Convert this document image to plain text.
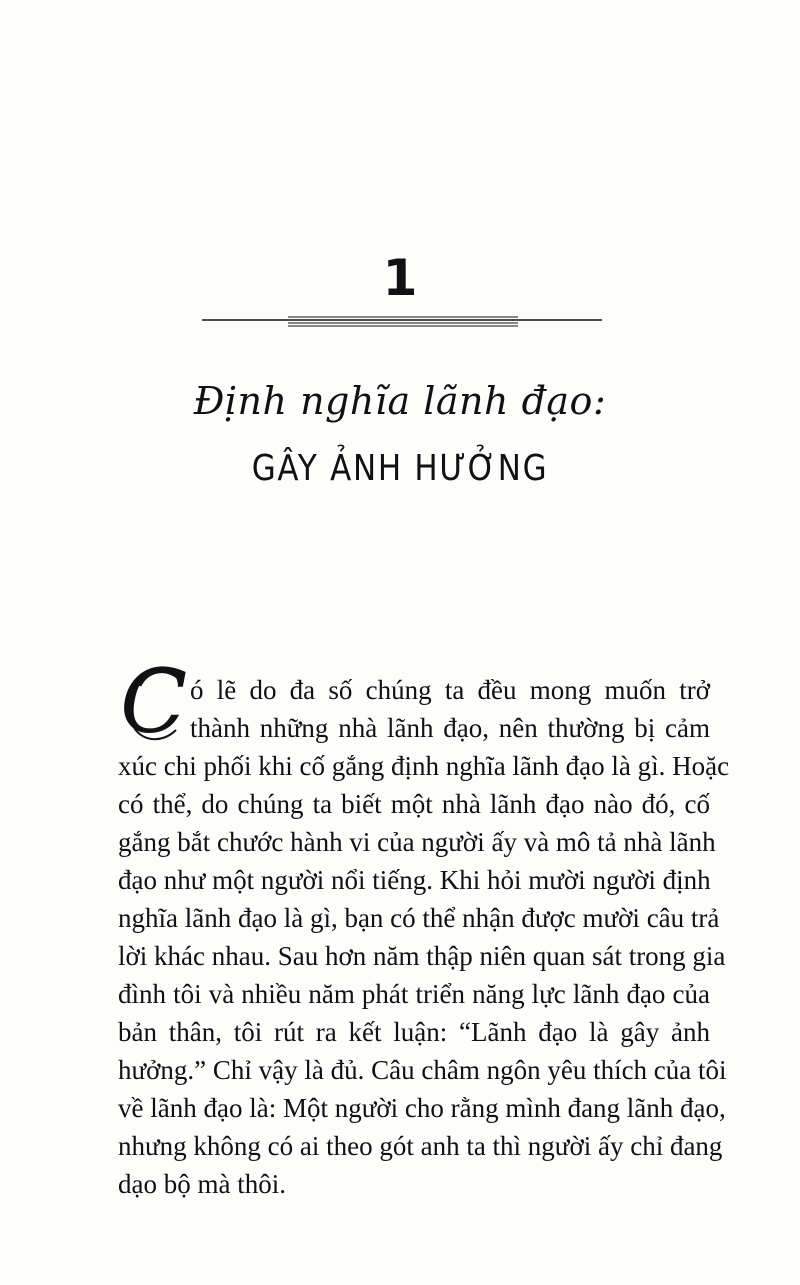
1
Định nghĩa lãnh đạo:
GÂY ẢNH HƯỞNG
C ó lẽ do đa số chúng ta đều mong muốn trở
thành những nhà lãnh đạo, nên thường bị cảm
xúc chi phối khi cố gắng định nghĩa lãnh đạo là gì. Hoặc
có thể, do chúng ta biết một nhà lãnh đạo nào đó, cố
gắng bắt chước hành vi của người ấy và mô tả nhà lãnh
đạo như một người nổi tiếng. Khi hỏi mười người định
nghĩa lãnh đạo là gì, bạn có thể nhận được mười câu trả
lời khác nhau. Sau hơn năm thập niên quan sát trong gia
đình tôi và nhiều năm phát triển năng lực lãnh đạo của
bản thân, tôi rút ra kết luận: “Lãnh đạo là gây ảnh
hưởng.” Chỉ vậy là đủ. Câu châm ngôn yêu thích của tôi
về lãnh đạo là: Một người cho rằng mình đang lãnh đạo,
nhưng không có ai theo gót anh ta thì người ấy chỉ đang
dạo bộ mà thôi.
